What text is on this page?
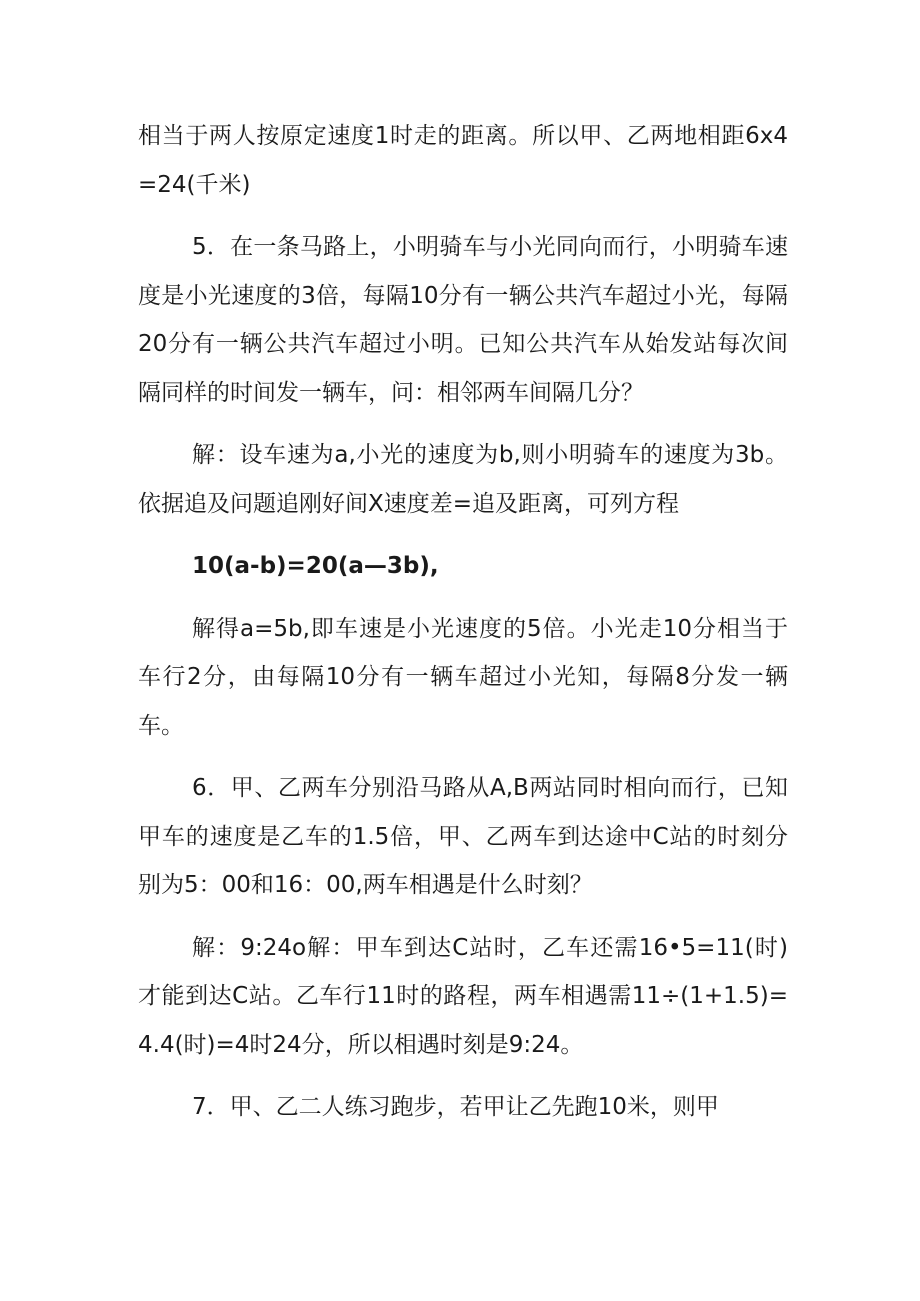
相当于两人按原定速度1时走的距离。所以甲、乙两地相距6x4=24(千米)

5．在一条马路上，小明骑车与小光同向而行，小明骑车速度是小光速度的3倍，每隔10分有一辆公共汽车超过小光，每隔20分有一辆公共汽车超过小明。已知公共汽车从始发站每次间隔同样的时间发一辆车，问：相邻两车间隔几分？

解：设车速为a,小光的速度为b,则小明骑车的速度为3b。依据追及问题追刚好间X速度差=追及距离，可列方程

10(a-b)=20(a—3b),

解得a=5b,即车速是小光速度的5倍。小光走10分相当于车行2分，由每隔10分有一辆车超过小光知，每隔8分发一辆车。

6．甲、乙两车分别沿马路从A,B两站同时相向而行，已知甲车的速度是乙车的1.5倍，甲、乙两车到达途中C站的时刻分别为5：00和16：00,两车相遇是什么时刻？

解：9:24o解：甲车到达C站时，乙车还需16•5=11(时)才能到达C站。乙车行11时的路程，两车相遇需11÷(1+1.5)=4.4(时)=4时24分，所以相遇时刻是9:24。

7．甲、乙二人练习跑步，若甲让乙先跑10米，则甲
